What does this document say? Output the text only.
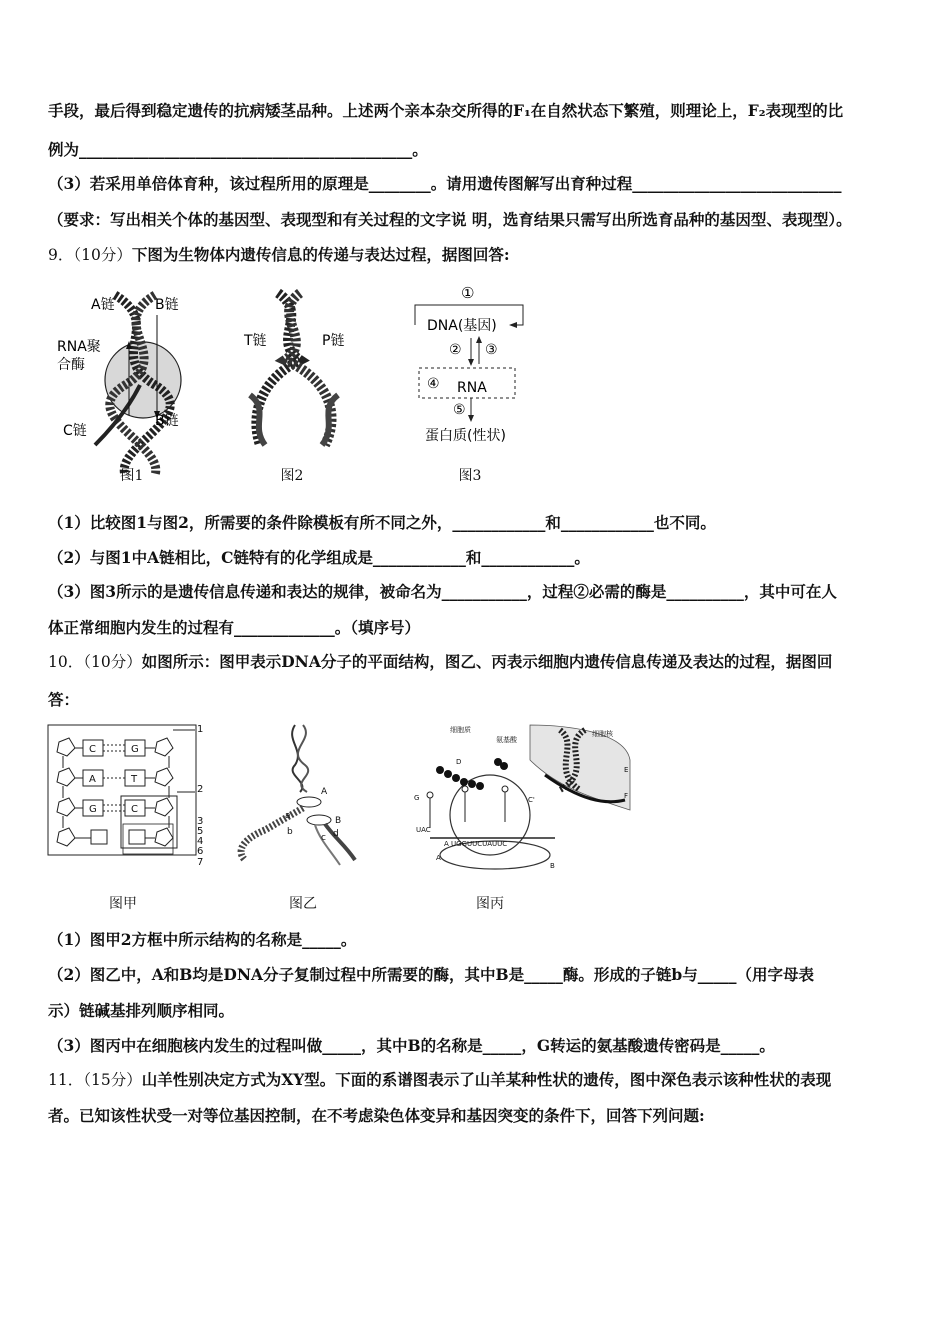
手段，最后得到稳定遗传的抗病矮茎品种。上述两个亲本杂交所得的F₁在自然状态下繁殖，则理论上，F₂表现型的比
例为___________________________________________。
（3）若采用单倍体育种，该过程所用的原理是________。请用遗传图解写出育种过程___________________________
（要求：写出相关个体的基因型、表现型和有关过程的文字说 明，选育结果只需写出所选育品种的基因型、表现型）。
9．（10分）下图为生物体内遗传信息的传递与表达过程，据图回答:
A链	B链
RNA聚
合酶
C链
B链
图1
T链	P链
图2
①
DNA(基因)
② ③
④ RNA
⑤
蛋白质(性状)
图3
（1）比较图1与图2，所需要的条件除模板有所不同之外，____________和____________也不同。
（2）与图1中A链相比，C链特有的化学组成是____________和____________。
（3）图3所示的是遗传信息传递和表达的规律，被命名为___________，过程②必需的酶是__________，其中可在人
体正常细胞内发生的过程有_____________。（填序号）
10．（10分）如图所示：图甲表示DNA分子的平面结构，图乙、丙表示细胞内遗传信息传递及表达的过程，据图回
答：
C	G
A	T
G	C
1
2
3
4
5
6
7
图甲
A
B
a
b
c d
图乙
细胞质
氨基酸
细胞核
D
G	C'
E
F
A
B
UAC
A UGGUUCUAUUC
图丙
（1）图甲2方框中所示结构的名称是_____。
（2）图乙中，A和B均是DNA分子复制过程中所需要的酶，其中B是_____酶。形成的子链b与_____（用字母表
示）链碱基排列顺序相同。
（3）图丙中在细胞核内发生的过程叫做_____，其中B的名称是_____，G转运的氨基酸遗传密码是_____。
11．（15分）山羊性别决定方式为XY型。下面的系谱图表示了山羊某种性状的遗传，图中深色表示该种性状的表现
者。已知该性状受一对等位基因控制，在不考虑染色体变异和基因突变的条件下，回答下列问题:
